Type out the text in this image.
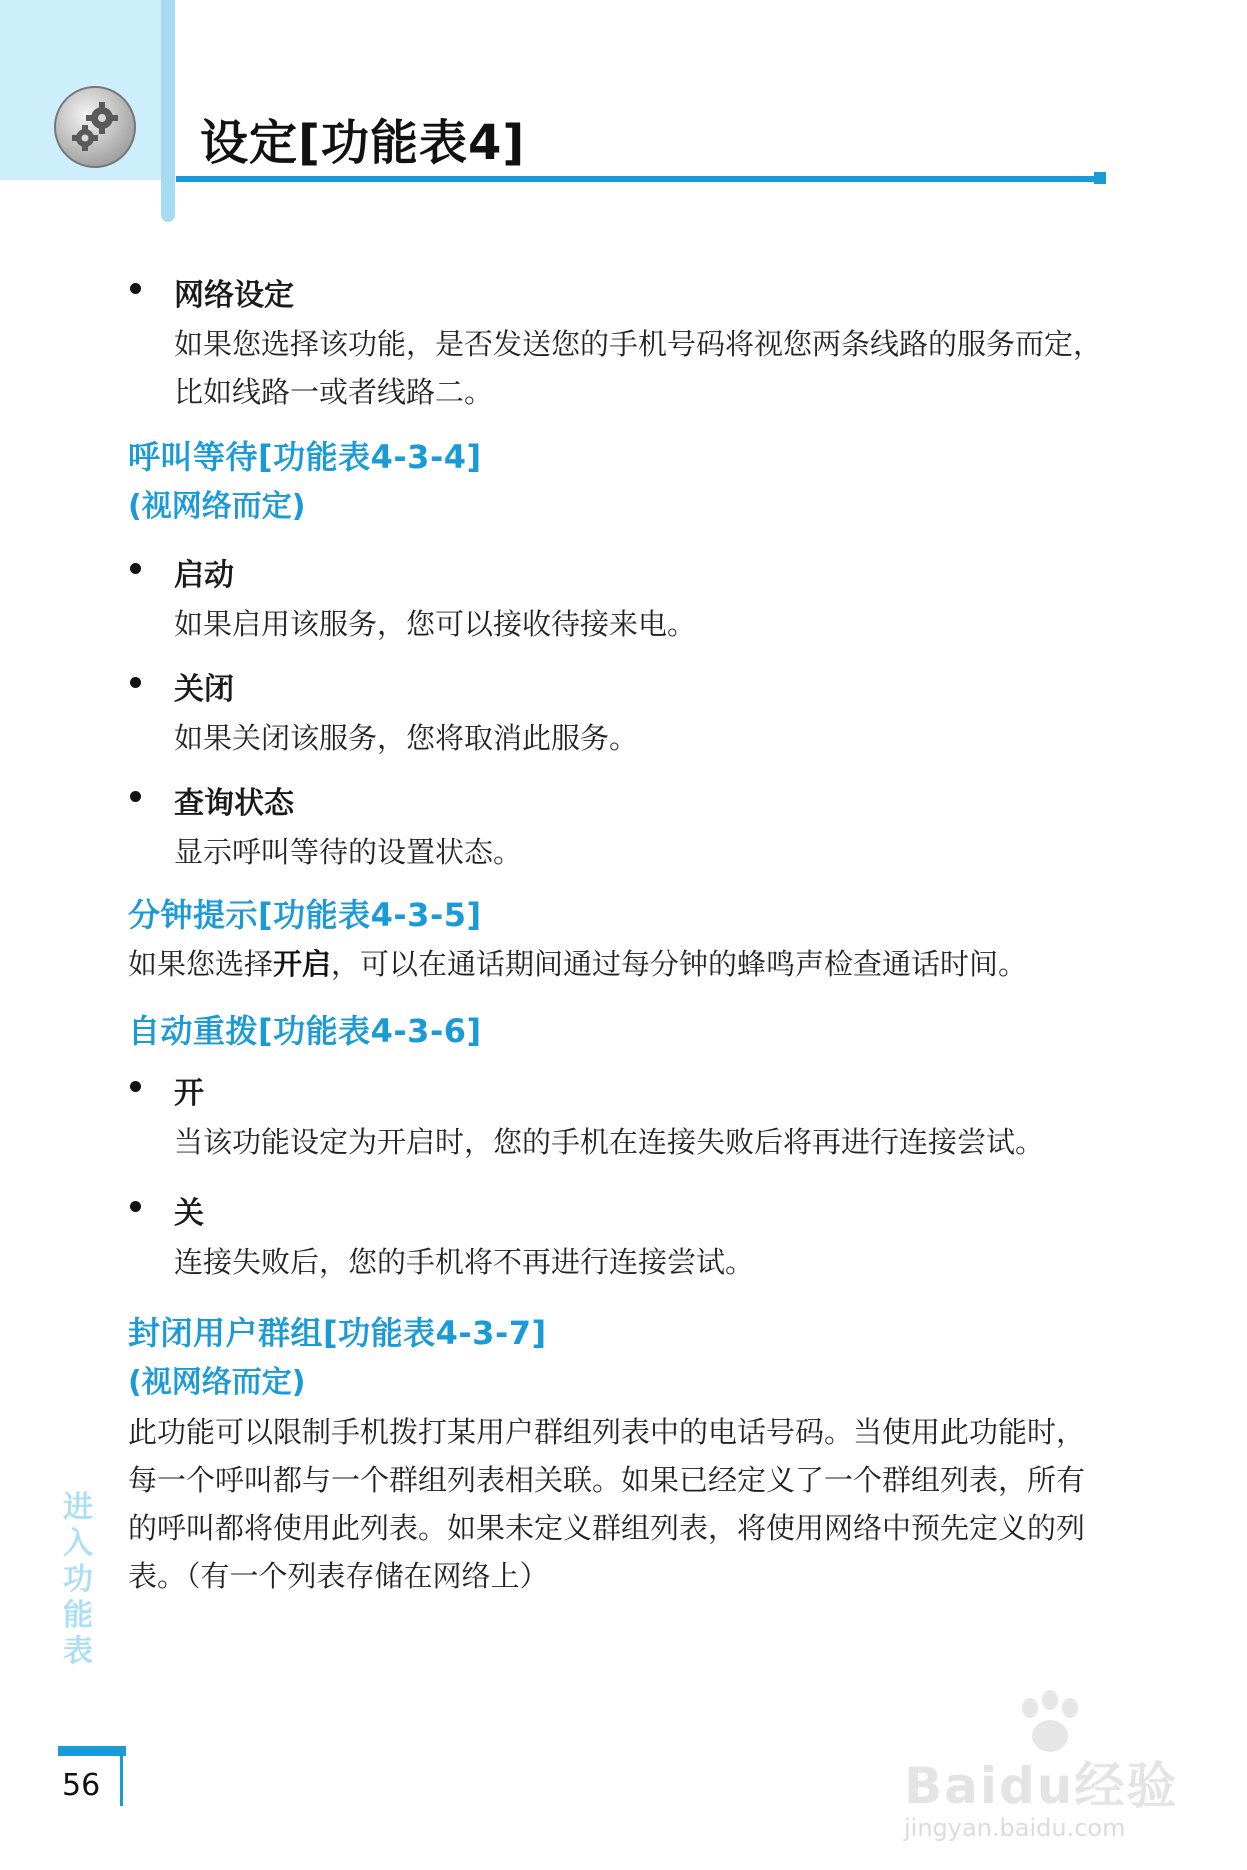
设定[功能表4]
网络设定
如果您选择该功能，是否发送您的手机号码将视您两条线路的服务而定，比如线路一或者线路二。
呼叫等待[功能表4-3-4]
(视网络而定)
启动
如果启用该服务，您可以接收待接来电。
关闭
如果关闭该服务，您将取消此服务。
查询状态
显示呼叫等待的设置状态。
分钟提示[功能表4-3-5]
如果您选择开启，可以在通话期间通过每分钟的蜂鸣声检查通话时间。
自动重拨[功能表4-3-6]
开
当该功能设定为开启时，您的手机在连接失败后将再进行连接尝试。
关
连接失败后，您的手机将不再进行连接尝试。
封闭用户群组[功能表4-3-7]
(视网络而定)
此功能可以限制手机拨打某用户群组列表中的电话号码。当使用此功能时，每一个呼叫都与一个群组列表相关联。如果已经定义了一个群组列表，所有的呼叫都将使用此列表。如果未定义群组列表，将使用网络中预先定义的列表。（有一个列表存储在网络上）
进入功能表
56	Baidu经验
jingyan.baidu.com
